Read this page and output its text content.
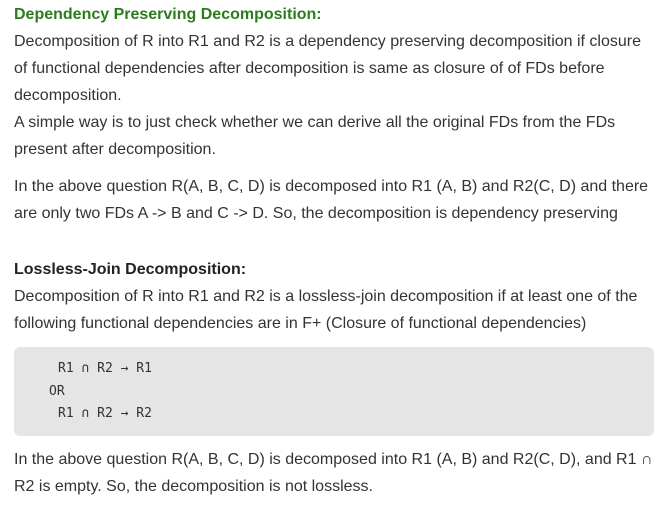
Dependency Preserving Decomposition:

Decomposition of R into R1 and R2 is a dependency preserving decomposition if closure of functional dependencies after decomposition is same as closure of of FDs before decomposition.

A simple way is to just check whether we can derive all the original FDs from the FDs present after decomposition.

In the above question R(A, B, C, D) is decomposed into R1 (A, B) and R2(C, D) and there are only two FDs A -> B and C -> D. So, the decomposition is dependency preserving

Lossless-Join Decomposition:

Decomposition of R into R1 and R2 is a lossless-join decomposition if at least one of the following functional dependencies are in F+ (Closure of functional dependencies)

R1 ∩ R2 → R1
OR
R1 ∩ R2 → R2

In the above question R(A, B, C, D) is decomposed into R1 (A, B) and R2(C, D), and R1 ∩ R2 is empty. So, the decomposition is not lossless.
